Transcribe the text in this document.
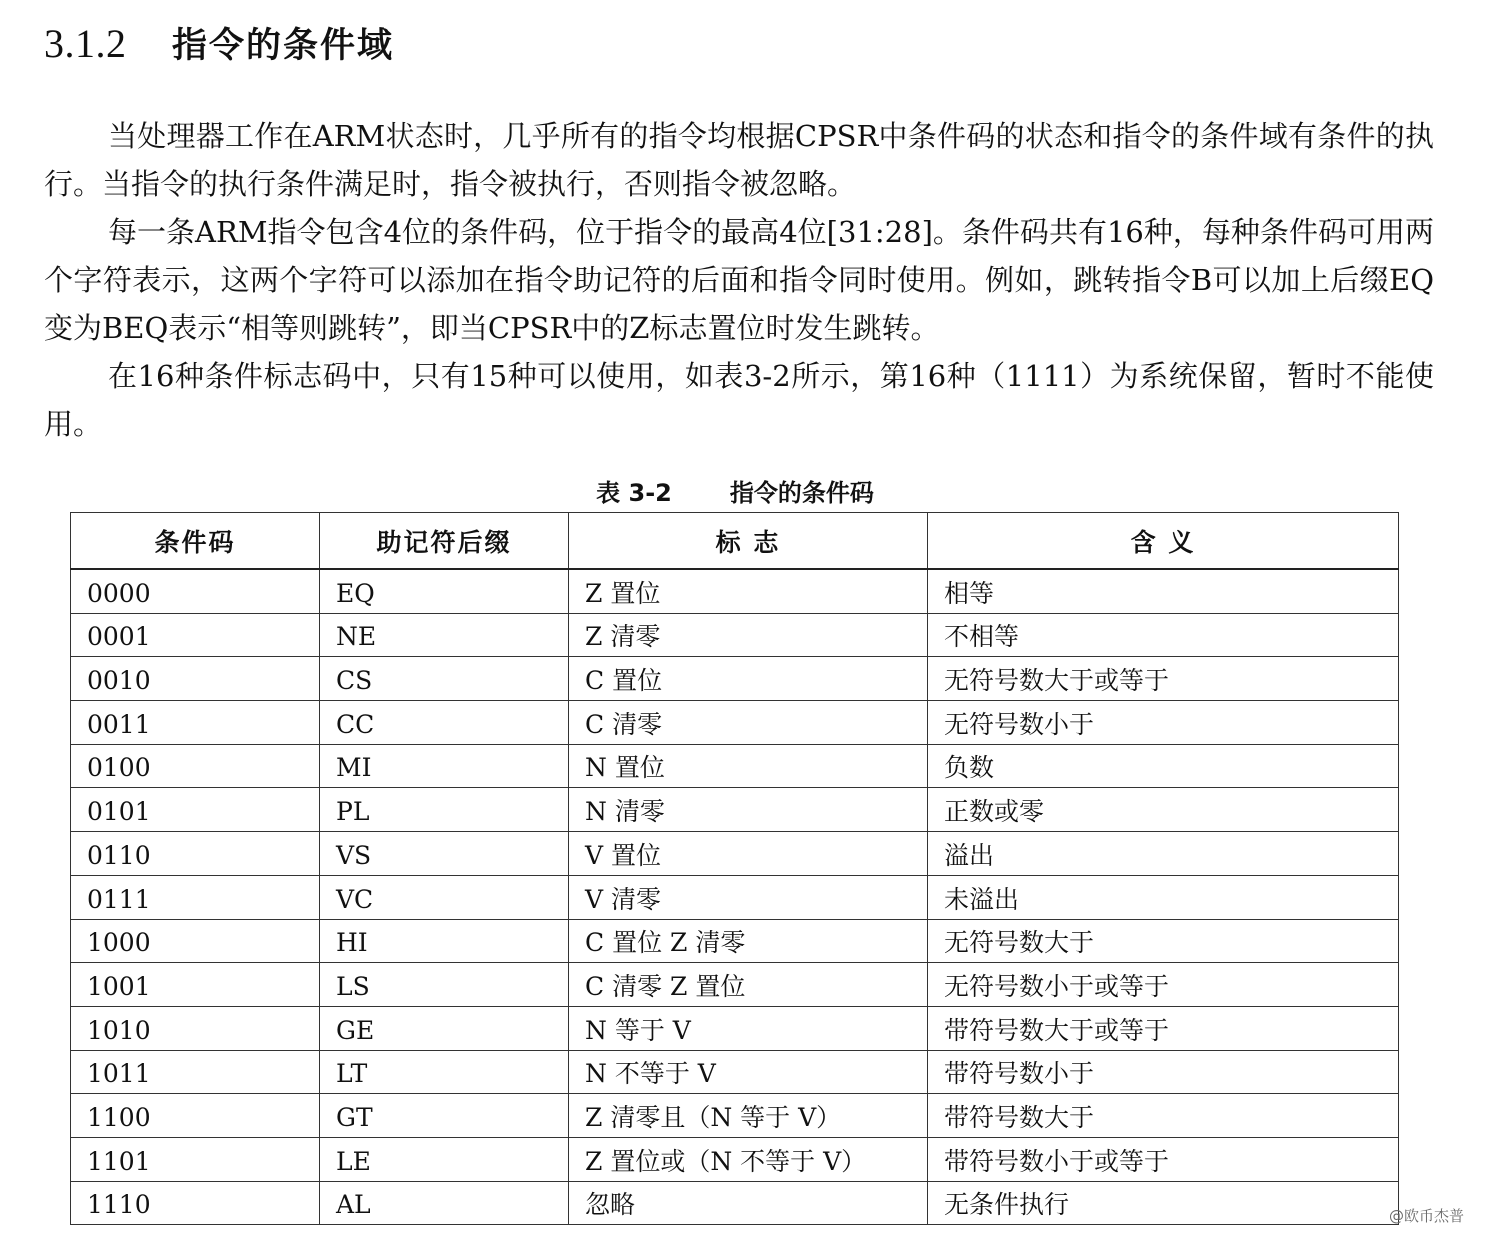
3.1.2	指令的条件域

当处理器工作在ARM状态时，几乎所有的指令均根据CPSR中条件码的状态和指令的条件域有条件的执行。当指令的执行条件满足时，指令被执行，否则指令被忽略。

每一条ARM指令包含4位的条件码，位于指令的最高4位[31:28]。条件码共有16种，每种条件码可用两个字符表示，这两个字符可以添加在指令助记符的后面和指令同时使用。例如，跳转指令B可以加上后缀EQ变为BEQ表示“相等则跳转”，即当CPSR中的Z标志置位时发生跳转。

在16种条件标志码中，只有15种可以使用，如表3-2所示，第16种（1111）为系统保留，暂时不能使用。

表 3-2 指令的条件码
条件码	助记符后缀	标 志	含 义
0000	EQ	Z 置位	相等
0001	NE	Z 清零	不相等
0010	CS	C 置位	无符号数大于或等于
0011	CC	C 清零	无符号数小于
0100	MI	N 置位	负数
0101	PL	N 清零	正数或零
0110	VS	V 置位	溢出
0111	VC	V 清零	未溢出
1000	HI	C 置位 Z 清零	无符号数大于
1001	LS	C 清零 Z 置位	无符号数小于或等于
1010	GE	N 等于 V	带符号数大于或等于
1011	LT	N 不等于 V	带符号数小于
1100	GT	Z 清零且（N 等于 V）	带符号数大于
1101	LE	Z 置位或（N 不等于 V）	带符号数小于或等于
1110	AL	忽略	无条件执行	@欧币杰普
